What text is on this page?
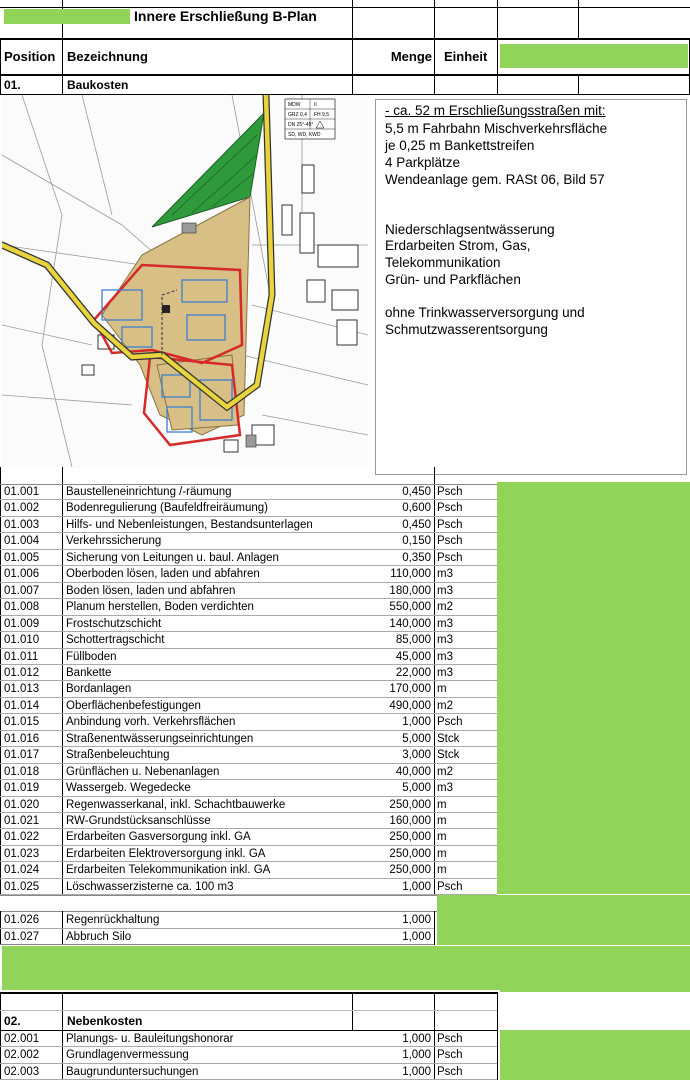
Innere Erschließung B-Plan
Position Bezeichnung	Menge Einheit
01.	Baukosten
MDW	II
GRZ 0,4 FH 9,5
DN 25°-45°
SD, WD, KWD
- ca. 52 m Erschließungsstraßen mit:
5,5 m Fahrbahn Mischverkehrsfläche
je 0,25 m Bankettstreifen
4 Parkplätze
Wendeanlage gem. RASt 06, Bild 57
Niederschlagsentwässerung
Erdarbeiten Strom, Gas,
Telekommunikation
Grün- und Parkflächen
ohne Trinkwasserversorgung und
Schmutzwasserentsorgung
01.001 Baustelleneinrichtung /-räumung	0,450 Psch
01.002 Bodenregulierung (Baufeldfreiräumung)	0,600 Psch
01.003 Hilfs- und Nebenleistungen, Bestandsunterlagen	0,450 Psch
01.004 Verkehrssicherung	0,150 Psch
01.005 Sicherung von Leitungen u. baul. Anlagen	0,350 Psch
01.006 Oberboden lösen, laden und abfahren	110,000 m3
01.007 Boden lösen, laden und abfahren	180,000 m3
01.008 Planum herstellen, Boden verdichten	550,000 m2
01.009 Frostschutzschicht	140,000 m3
01.010 Schottertragschicht	85,000 m3
01.011 Füllboden	45,000 m3
01.012 Bankette	22,000 m3
01.013 Bordanlagen	170,000 m
01.014 Oberflächenbefestigungen	490,000 m2
01.015 Anbindung vorh. Verkehrsflächen	1,000 Psch
01.016 Straßenentwässerungseinrichtungen	5,000 Stck
01.017 Straßenbeleuchtung	3,000 Stck
01.018 Grünflächen u. Nebenanlagen	40,000 m2
01.019 Wassergeb. Wegedecke	5,000 m3
01.020 Regenwasserkanal, inkl. Schachtbauwerke	250,000 m
01.021 RW-Grundstücksanschlüsse	160,000 m
01.022 Erdarbeiten Gasversorgung inkl. GA	250,000 m
01.023 Erdarbeiten Elektroversorgung inkl. GA	250,000 m
01.024 Erdarbeiten Telekommunikation inkl. GA	250,000 m
01.025 Löschwasserzisterne ca. 100 m3	1,000 Psch
01.026 Regenrückhaltung	1,000
01.027 Abbruch Silo	1,000
02.	Nebenkosten
02.001 Planungs- u. Bauleitungshonorar	1,000 Psch
02.002 Grundlagenvermessung	1,000 Psch
02.003 Baugrunduntersuchungen	1,000 Psch
